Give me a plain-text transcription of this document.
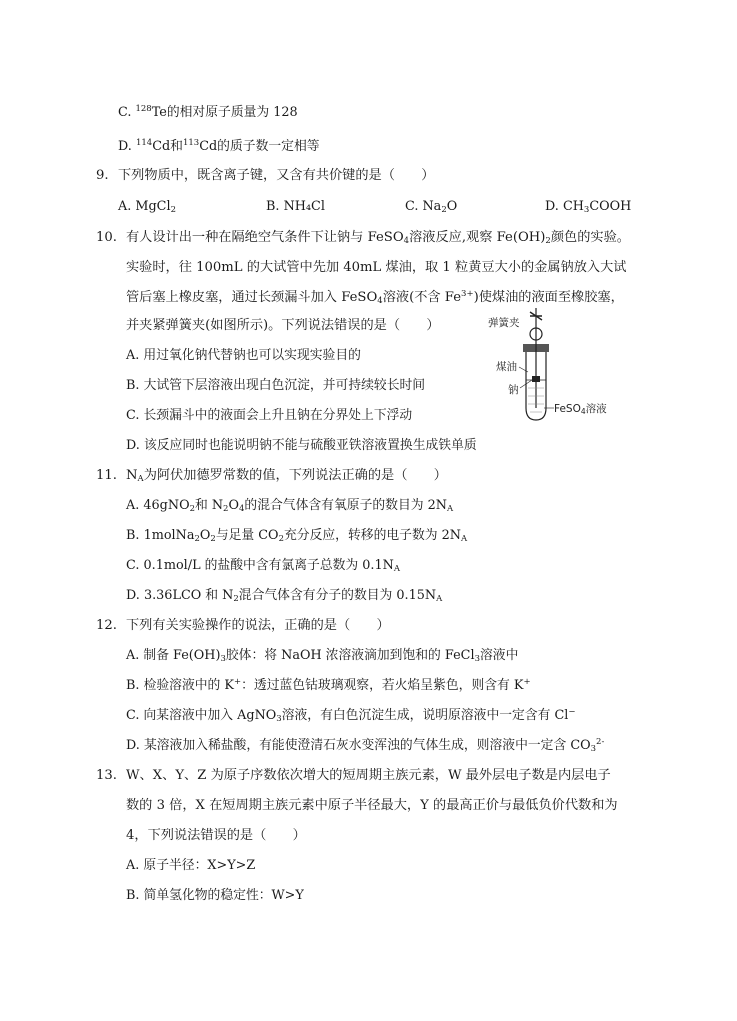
C. $^{128}$Te的相对原子质量为 128
D. $^{114}$Cd和$^{113}$Cd的质子数一定相等
9. 下列物质中，既含离子键，又含有共价键的是（　　）
A. MgCl$_2$	B. NH₄Cl	C. $Na_2O$	D. $CH_3COOH$
10. 有人设计出一种在隔绝空气条件下让钠与 FeSO$_4$溶液反应,观察 $Fe(OH)_2$颜色的实验。
实验时，往 100mL 的大试管中先加 40mL 煤油，取 1 粒黄豆大小的金属钠放入大试
管后塞上橡皮塞，通过长颈漏斗加入 FeSO$_4$溶液(不含 $Fe^{3+}$)使煤油的液面至橡胶塞，
并夹紧弹簧夹(如图所示)。下列说法错误的是（　　）
A. 用过氧化钠代替钠也可以实现实验目的
B. 大试管下层溶液出现白色沉淀，并可持续较长时间
C. 长颈漏斗中的液面会上升且钠在分界处上下浮动
D. 该反应同时也能说明钠不能与硫酸亚铁溶液置换生成铁单质
弹簧夹
煤油
钠
FeSO4溶液
11. $N_A$为阿伏加德罗常数的值，下列说法正确的是（　　）
A. 46gNO$_2$和 $N_2O_4$的混合气体含有氧原子的数目为 $2N_A$
B. $1molNa_2O_2$与足量 $CO_2$充分反应，转移的电子数为 $2N_A$
C. 0.1mol/L 的盐酸中含有氯离子总数为 $0.1N_A$
D. 3.36LCO 和 $N_2$混合气体含有分子的数目为 $0.15N_A$
12. 下列有关实验操作的说法，正确的是（　　）
A. 制备 $Fe(OH)_3$胶体：将 NaOH 浓溶液滴加到饱和的 FeCl$_3$溶液中
B. 检验溶液中的 K+：透过蓝色钴玻璃观察，若火焰呈紫色，则含有 K+
C. 向某溶液中加入 AgNO$_3$溶液，有白色沉淀生成，说明原溶液中一定含有 Cl−
D. 某溶液加入稀盐酸，有能使澄清石灰水变浑浊的气体生成，则溶液中一定含 $CO_3^{2-}$
13. W、X、Y、Z 为原子序数依次增大的短周期主族元素，W 最外层电子数是内层电子
数的 3 倍，X 在短周期主族元素中原子半径最大，Y 的最高正价与最低负价代数和为
4，下列说法错误的是（　　）
A. 原子半径：X>Y>Z
B. 简单氢化物的稳定性：W>Y
